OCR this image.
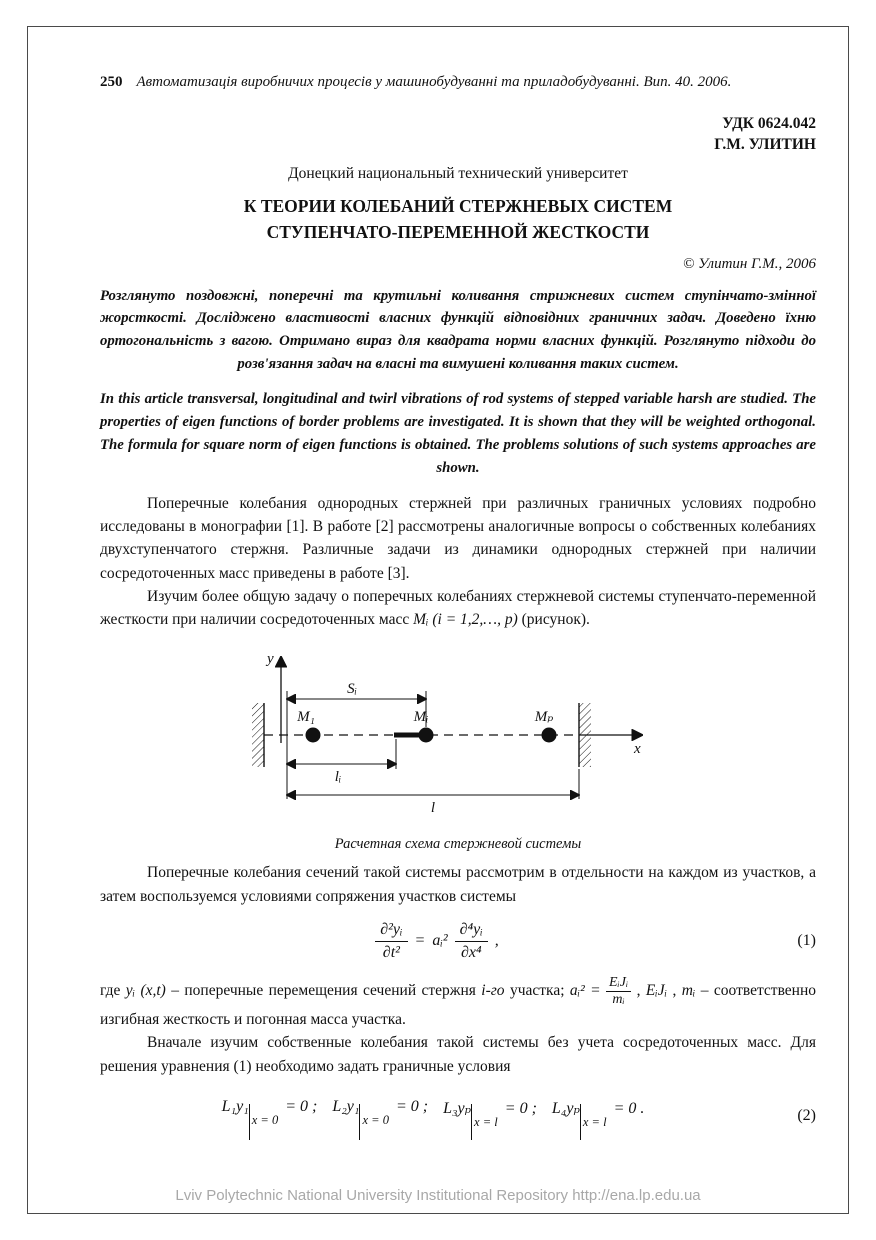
250 Автоматизація виробничих процесів у машинобудуванні та приладобудуванні. Вип. 40. 2006.
УДК 0624.042
Г.М. УЛИТИН
Донецкий национальный технический университет
К ТЕОРИИ КОЛЕБАНИЙ СТЕРЖНЕВЫХ СИСТЕМ
СТУПЕНЧАТО-ПЕРЕМЕННОЙ ЖЕСТКОСТИ
© Улитин Г.М., 2006

Розглянуто поздовжні, поперечні та крутильні коливання стрижневих систем ступінчато-змінної жорсткості. Досліджено властивості власних функцій відповідних граничних задач. Доведено їхню ортогональність з вагою. Отримано вираз для квадрата норми власних функцій. Розглянуто підходи до розв'язання задач на власні та вимушені коливання таких систем.

In this article transversal, longitudinal and twirl vibrations of rod systems of stepped variable harsh are studied. The properties of eigen functions of border problems are investigated. It is shown that they will be weighted orthogonal. The formula for square norm of eigen functions is obtained. The problems solutions of such systems approaches are shown.

Поперечные колебания однородных стержней при различных граничных условиях подробно исследованы в монографии [1]. В работе [2] рассмотрены аналогичные вопросы о собственных колебаниях двухступенчатого стержня. Различные задачи из динамики однородных стержней при наличии сосредоточенных масс приведены в работе [3].

Изучим более общую задачу о поперечных колебаниях стержневой системы ступенчато-переменной жесткости при наличии сосредоточенных масс Mᵢ (i = 1,2,…, p) (рисунок).

y
x
M₁	Mᵢ	Mₚ
Sᵢ
lᵢ
l
Расчетная схема стержневой системы

Поперечные колебания сечений такой системы рассмотрим в отдельности на каждом из участков, а затем воспользуемся условиями сопряжения участков системы

$\frac{\text{∂²yᵢ}}{\text{∂t²}}$ = aᵢ² $\frac{\text{∂⁴yᵢ}}{\text{∂x⁴}}$ ,	(1)

где yᵢ (x,t) – поперечные перемещения сечений стержня i-го участка; aᵢ² = $\frac{\text{EᵢJᵢ}}{\text{mᵢ}}$ , EᵢJᵢ , mᵢ – соответственно изгибная жесткость и погонная масса участка.

Вначале изучим собственные колебания такой системы без учета сосредоточенных масс. Для решения уравнения (1) необходимо задать граничные условия

L₁y₁
x = 0
= 0 ; L₂y₁
x = 0
= 0 ; L₃yₚ
x = l
= 0 ; L₄yₚ
x = l
= 0 .	(2)
Lviv Polytechnic National University Institutional Repository http://ena.lp.edu.ua
